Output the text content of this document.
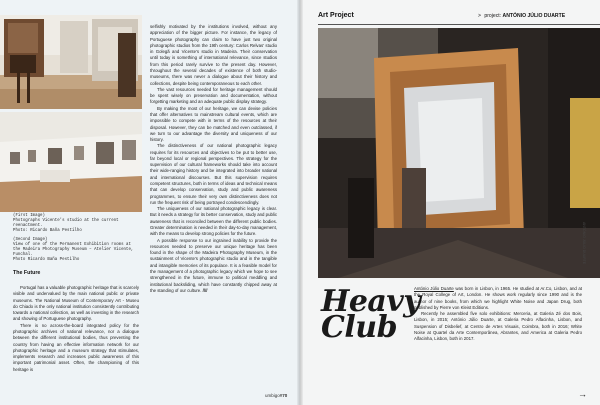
(First Image)
Photographs Vicente's studio at the current reenactment.
Photo: Ricardo Baña Pestilho
(Second Image)
View of one of the Permanent Exhibition rooms at the Madeira Photography Museum – Atelier Vicente, Funchal.
Photo Ricardo Baña Pestilho
The Future

Portugal has a valuable photographic heritage that is scarcely visible and undervalued by the main national public or private museums. The National Museum of Contemporary Art - Museu do Chiado is the only national institution consistently contributing towards a national collection, as well as investing in the research and showing of Portuguese photography.

There is no across-the-board integrated policy for the photographic archives of national relevance, nor a dialogue between the different institutional bodies, thus preventing the country from having an effective information network for our photographic heritage and a museum strategy that stimulates, implements research and increases public awareness of this important patrimonial asset. Often, the championing of this heritage is

selfishly motivated by the institutions involved, without any appreciation of the bigger picture. For instance, the legacy of Portuguese photography can claim to have just two original photographic studios from the 19th century: Carlos Relvas' studio in Golegã and Vicente's studio in Madeira. Their conservation until today is something of international relevance, since studios from this period rarely survive to the present day. However, throughout the several decades of existence of both studio-museums, there was never a dialogue about their history and collections, despite being contemporaneous to each other.

The vast resources needed for heritage management should be spent wisely on preservation and documentation, without forgetting marketing and an adequate public display strategy.

By making the most of our heritage, we can devise policies that offer alternatives to mainstream cultural events, which are impossible to compete with in terms of the resources at their disposal. However, they can be matched and even outclassed, if we turn to our advantage the diversity and uniqueness of our history.

The distinctiveness of our national photographic legacy requires for its resources and objectives to be put to better use, far beyond local or regional perspectives. The strategy for the supervision of our cultural frameworks should take into account their wide-ranging history and be integrated into broader national and international discourses. But this supervision requires competent structures, both in terms of ideas and technical means that can develop conservation, study and public awareness programmes, to ensure their very own distinctiveness does not run the frequent risk of being portrayed condescendingly.

The uniqueness of our national photographic legacy is clear. But it needs a strategy for its better conservation, study and public awareness that is reconciled between the different public bodies. Greater determination is needed in their day-to-day management, with the means to develop strong policies for the future.

A possible response to our ingrained inability to provide the resources needed to preserve our unique heritage has been found in the shape of the Madeira Photography Museum, in the sustainment of Vicente's photographic studio and in the tangible and intangible memories of its populace. It is a feasible model for the management of a photographic legacy which we hope to see strengthened in the future, immune to political meddling and institutional backsliding, which have constantly chipped away at the standing of our culture. ////

umbigo#70
Art Project	> project: ANTÓNIO JÚLIO DUARTE
ANTÓNIO JÚLIO DUARTE
Heavy
Club

António Júlio Duarte was born in Lisbon, in 1965. He studied at Ar.Co, Lisbon, and at the Royal College of Art, London. He shows work regularly since 1990 and is the author of nine books, from which we highlight White Noise and Japan Drug, both published by Pierre von Kleist Editions.

Recently he assembled five solo exhibitions: Merceria, at Galeria Zé dos Bois, Lisbon, in 2015; António Júlio Duarte, at Galeria Pedro Alfacinha, Lisbon, and Suspension of Disbelief, at Centro de Artes Visuais, Coimbra, both in 2016; White Noise at Quartel da Arte Contemporânea, Abrantes, and America at Galeria Pedro Alfacinha, Lisbon, both in 2017.

→
